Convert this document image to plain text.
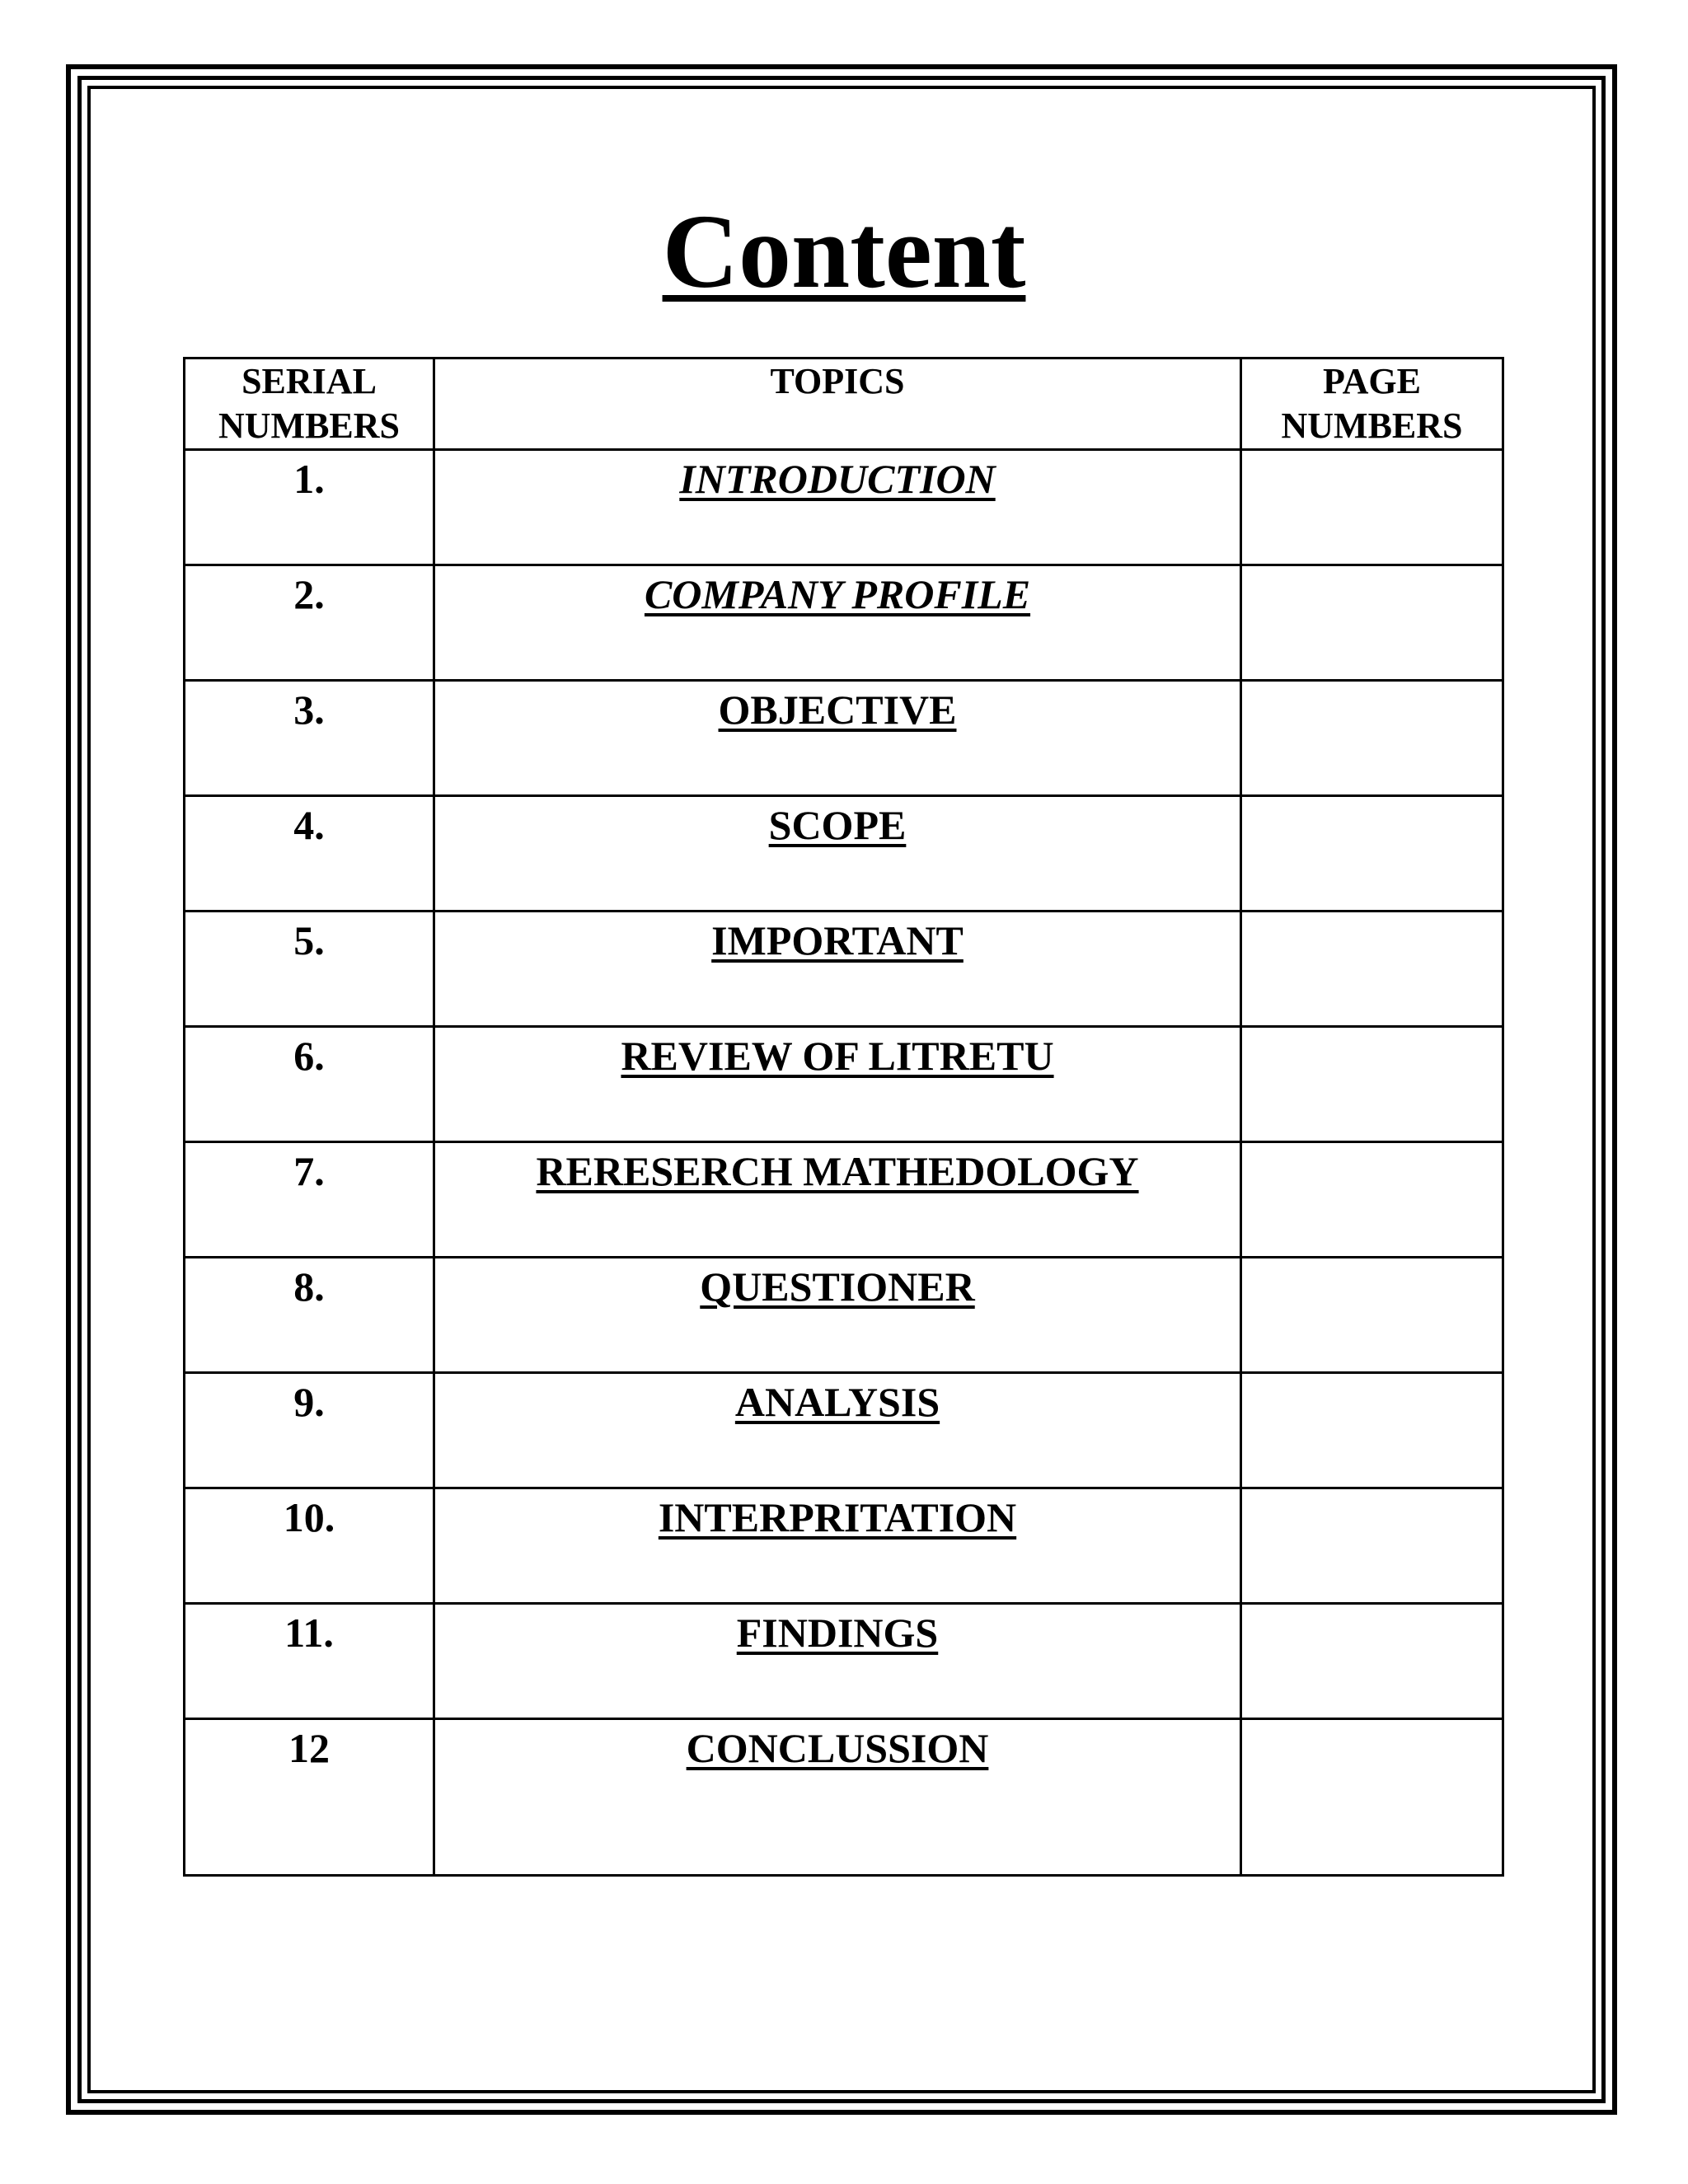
Content
SERIAL NUMBERS	TOPICS	PAGE NUMBERS
1.	INTRODUCTION	
2.	COMPANY PROFILE	
3.	OBJECTIVE	
4.	SCOPE	
5.	IMPORTANT	
6.	REVIEW OF LITRETU	
7.	RERESERCH MATHEDOLOGY	
8.	QUESTIONER	
9.	ANALYSIS	
10.	INTERPRITATION	
11.	FINDINGS	
12	CONCLUSSION	
